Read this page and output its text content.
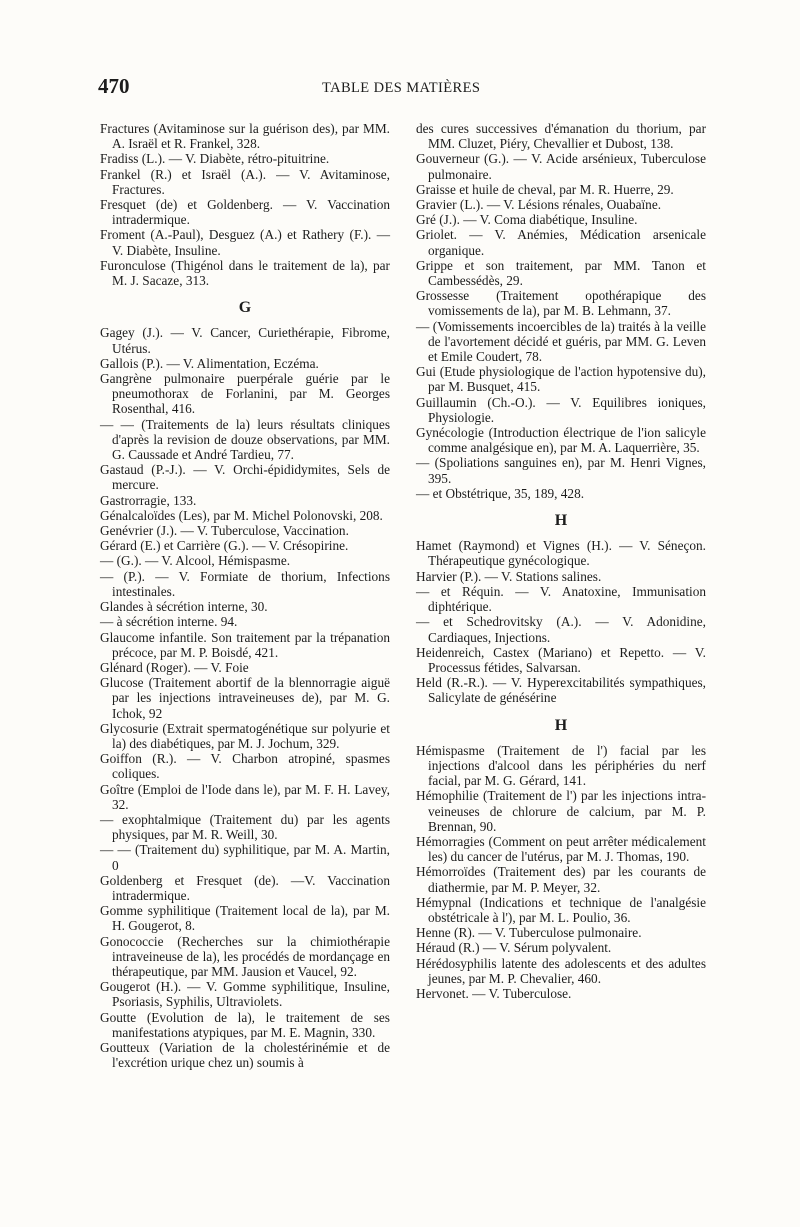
470	TABLE DES MATIÈRES

Fractures (Avitaminose sur la guérison des), par MM. A. Israël et R. Frankel, 328.

Fradiss (L.). — V. Diabète, rétro-pituitrine.

Frankel (R.) et Israël (A.). — V. Avitaminose, Fractures.

Fresquet (de) et Goldenberg. — V. Vaccination intradermique.

Froment (A.-Paul), Desguez (A.) et Rathery (F.). — V. Diabète, Insuline.

Furonculose (Thigénol dans le traitement de la), par M. J. Sacaze, 313.

G

Gagey (J.). — V. Cancer, Curiethérapie, Fibrome, Utérus.

Gallois (P.). — V. Alimentation, Eczéma.

Gangrène pulmonaire puerpérale guérie par le pneumothorax de Forlanini, par M. Georges Rosenthal, 416.

— — (Traitements de la) leurs résultats cliniques d'après la revision de douze observations, par MM. G. Caussade et André Tardieu, 77.

Gastaud (P.-J.). — V. Orchi-épididymites, Sels de mercure.

Gastrorragie, 133.

Génalcaloïdes (Les), par M. Michel Polonovski, 208.

Genévrier (J.). — V. Tuberculose, Vaccination.

Gérard (E.) et Carrière (G.). — V. Crésopirine.

— (G.). — V. Alcool, Hémispasme.

— (P.). — V. Formiate de thorium, Infections intestinales.

Glandes à sécrétion interne, 30.

— à sécrétion interne. 94.

Glaucome infantile. Son traitement par la trépanation précoce, par M. P. Boisdé, 421.

Glénard (Roger). — V. Foie

Glucose (Traitement abortif de la blennorragie aiguë par les injections intraveineuses de), par M. G. Ichok, 92

Glycosurie (Extrait spermatogénétique sur polyurie et la) des diabétiques, par M. J. Jochum, 329.

Goiffon (R.). — V. Charbon atropiné, spasmes coliques.

Goître (Emploi de l'Iode dans le), par M. F. H. Lavey, 32.

— exophtalmique (Traitement du) par les agents physiques, par M. R. Weill, 30.

— — (Traitement du) syphilitique, par M. A. Martin, 0

Goldenberg et Fresquet (de). —V. Vaccination intradermique.

Gomme syphilitique (Traitement local de la), par M. H. Gougerot, 8.

Gonococcie (Recherches sur la chimiothérapie intraveineuse de la), les procédés de mordançage en thérapeutique, par MM. Jausion et Vaucel, 92.

Gougerot (H.). — V. Gomme syphilitique, Insuline, Psoriasis, Syphilis, Ultraviolets.

Goutte (Evolution de la), le traitement de ses manifestations atypiques, par M. E. Magnin, 330.

Goutteux (Variation de la cholestérinémie et de l'excrétion urique chez un) soumis à

des cures successives d'émanation du thorium, par MM. Cluzet, Piéry, Chevallier et Dubost, 138.

Gouverneur (G.). — V. Acide arsénieux, Tuberculose pulmonaire.

Graisse et huile de cheval, par M. R. Huerre, 29.

Gravier (L.). — V. Lésions rénales, Ouabaïne.

Gré (J.). — V. Coma diabétique, Insuline.

Griolet. — V. Anémies, Médication arsenicale organique.

Grippe et son traitement, par MM. Tanon et Cambessédès, 29.

Grossesse (Traitement opothérapique des vomissements de la), par M. B. Lehmann, 37.

— (Vomissements incoercibles de la) traités à la veille de l'avortement décidé et guéris, par MM. G. Leven et Emile Coudert, 78.

Gui (Etude physiologique de l'action hypotensive du), par M. Busquet, 415.

Guillaumin (Ch.-O.). — V. Equilibres ioniques, Physiologie.

Gynécologie (Introduction électrique de l'ion salicyle comme analgésique en), par M. A. Laquerrière, 35.

— (Spoliations sanguines en), par M. Henri Vignes, 395.

— et Obstétrique, 35, 189, 428.

H

Hamet (Raymond) et Vignes (H.). — V. Séneçon. Thérapeutique gynécologique.

Harvier (P.). — V. Stations salines.

— et Réquin. — V. Anatoxine, Immunisation diphtérique.

— et Schedrovitsky (A.). — V. Adonidine, Cardiaques, Injections.

Heidenreich, Castex (Mariano) et Repetto. — V. Processus fétides, Salvarsan.

Held (R.-R.). — V. Hyperexcitabilités sympathiques, Salicylate de génésérine

H

Hémispasme (Traitement de l') facial par les injections d'alcool dans les périphéries du nerf facial, par M. G. Gérard, 141.

Hémophilie (Traitement de l') par les injections intra-veineuses de chlorure de calcium, par M. P. Brennan, 90.

Hémorragies (Comment on peut arrêter médicalement les) du cancer de l'utérus, par M. J. Thomas, 190.

Hémorroïdes (Traitement des) par les courants de diathermie, par M. P. Meyer, 32.

Hémypnal (Indications et technique de l'analgésie obstétricale à l'), par M. L. Poulio, 36.

Henne (R). — V. Tuberculose pulmonaire.

Héraud (R.) — V. Sérum polyvalent.

Hérédosyphilis latente des adolescents et des adultes jeunes, par M. P. Chevalier, 460.

Hervonet. — V. Tuberculose.
